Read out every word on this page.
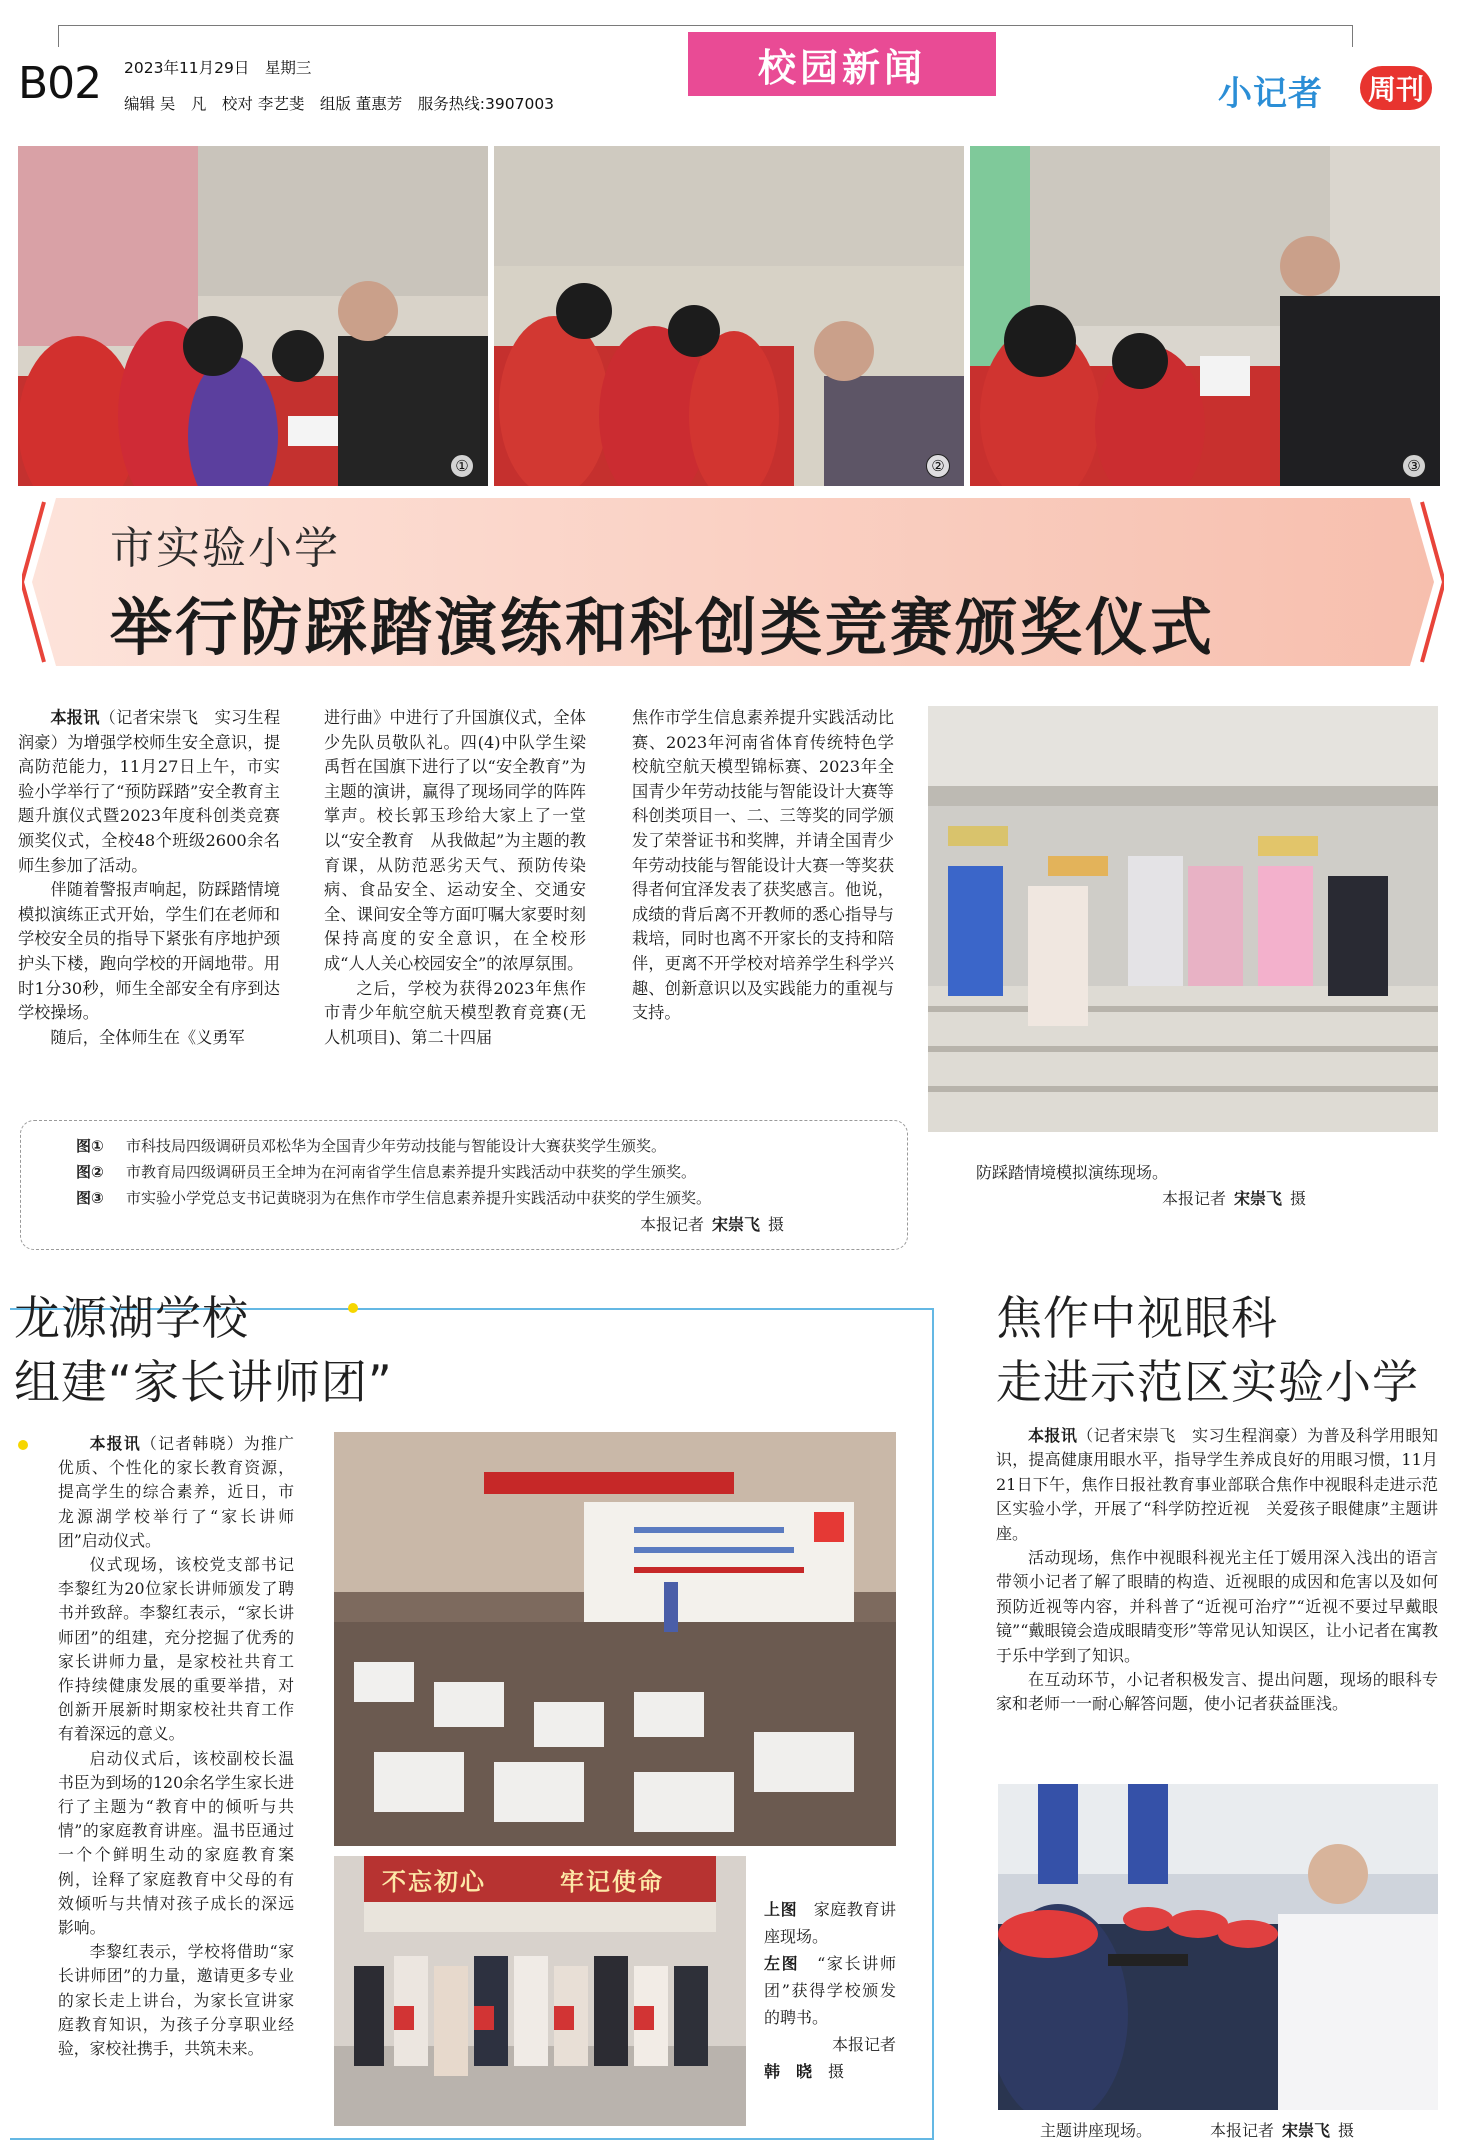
B02 2023年11月29日　星期三
编辑 吴　凡　校对 李艺斐　组版 董惠芳　服务热线:3907003
校园新闻
小记者 周刊
①	②	③
市实验小学
举行防踩踏演练和科创类竞赛颁奖仪式

本报讯（记者宋崇飞　实习生程润豪）为增强学校师生安全意识，提高防范能力，11月27日上午，市实验小学举行了“预防踩踏”安全教育主题升旗仪式暨2023年度科创类竞赛颁奖仪式，全校48个班级2600余名师生参加了活动。

伴随着警报声响起，防踩踏情境模拟演练正式开始，学生们在老师和学校安全员的指导下紧张有序地护颈护头下楼，跑向学校的开阔地带。用时1分30秒，师生全部安全有序到达学校操场。

随后，全体师生在《义勇军

进行曲》中进行了升国旗仪式，全体少先队员敬队礼。四(4)中队学生梁禹哲在国旗下进行了以“安全教育”为主题的演讲，赢得了现场同学的阵阵掌声。校长郭玉珍给大家上了一堂以“安全教育　从我做起”为主题的教育课，从防范恶劣天气、预防传染病、食品安全、运动安全、交通安全、课间安全等方面叮嘱大家要时刻保持高度的安全意识，在全校形成“人人关心校园安全”的浓厚氛围。

之后，学校为获得2023年焦作市青少年航空航天模型教育竞赛(无人机项目)、第二十四届

焦作市学生信息素养提升实践活动比赛、2023年河南省体育传统特色学校航空航天模型锦标赛、2023年全国青少年劳动技能与智能设计大赛等科创类项目一、二、三等奖的同学颁发了荣誉证书和奖牌，并请全国青少年劳动技能与智能设计大赛一等奖获得者何宜泽发表了获奖感言。他说，成绩的背后离不开教师的悉心指导与栽培，同时也离不开家长的支持和陪伴，更离不开学校对培养学生科学兴趣、创新意识以及实践能力的重视与支持。

防踩踏情境模拟演练现场。
本报记者 宋崇飞 摄
图① 市科技局四级调研员邓松华为全国青少年劳动技能与智能设计大赛获奖学生颁奖。
图② 市教育局四级调研员王全坤为在河南省学生信息素养提升实践活动中获奖的学生颁奖。
图③ 市实验小学党总支书记黄晓羽为在焦作市学生信息素养提升实践活动中获奖的学生颁奖。
本报记者 宋崇飞 摄
龙源湖学校
组建“家长讲师团”

本报讯（记者韩晓）为推广优质、个性化的家长教育资源，提高学生的综合素养，近日，市龙源湖学校举行了“家长讲师团”启动仪式。

仪式现场，该校党支部书记李黎红为20位家长讲师颁发了聘书并致辞。李黎红表示，“家长讲师团”的组建，充分挖掘了优秀的家长讲师力量，是家校社共育工作持续健康发展的重要举措，对创新开展新时期家校社共育工作有着深远的意义。

启动仪式后，该校副校长温书臣为到场的120余名学生家长进行了主题为“教育中的倾听与共情”的家庭教育讲座。温书臣通过一个个鲜明生动的家庭教育案例，诠释了家庭教育中父母的有效倾听与共情对孩子成长的深远影响。

李黎红表示，学校将借助“家长讲师团”的力量，邀请更多专业的家长走上讲台，为家长宣讲家庭教育知识，为孩子分享职业经验，家校社携手，共筑未来。

不忘初心	牢记使命

上图　 家庭教育讲座现场。

左图　 “家长讲师团”获得学校颁发的聘书。

本报记者

韩　晓　 摄

焦作中视眼科
走进示范区实验小学

本报讯（记者宋崇飞　实习生程润豪）为普及科学用眼知识，提高健康用眼水平，指导学生养成良好的用眼习惯，11月21日下午，焦作日报社教育事业部联合焦作中视眼科走进示范区实验小学，开展了“科学防控近视　关爱孩子眼健康”主题讲座。

活动现场，焦作中视眼科视光主任丁媛用深入浅出的语言带领小记者了解了眼睛的构造、近视眼的成因和危害以及如何预防近视等内容，并科普了“近视可治疗”“近视不要过早戴眼镜”“戴眼镜会造成眼睛变形”等常见认知误区，让小记者在寓教于乐中学到了知识。

在互动环节，小记者积极发言、提出问题，现场的眼科专家和老师一一耐心解答问题，使小记者获益匪浅。

主题讲座现场。	本报记者 宋崇飞 摄
